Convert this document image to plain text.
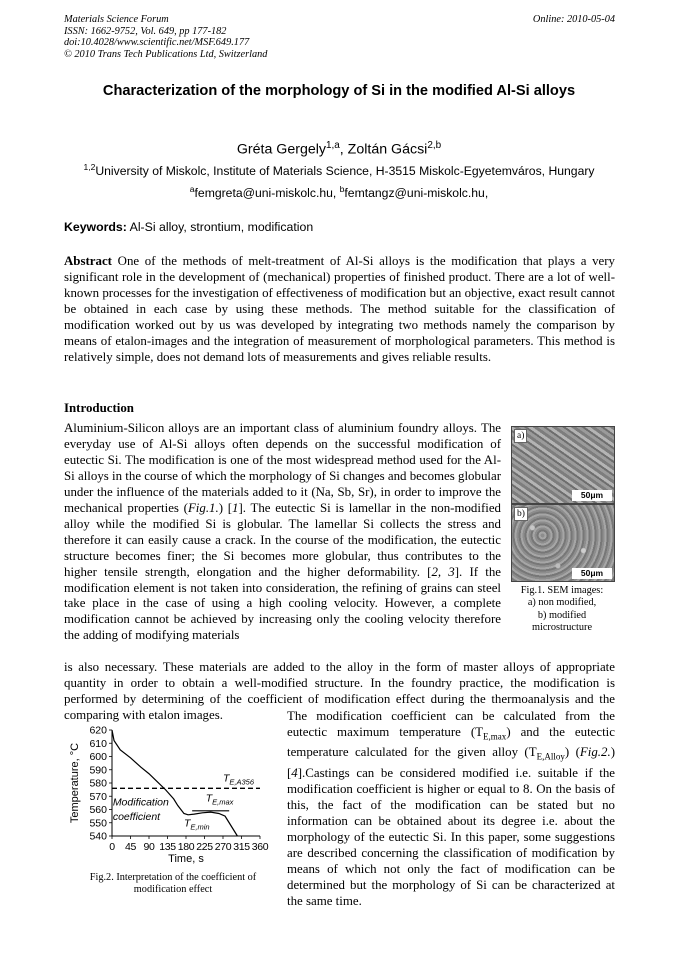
Materials Science Forum
ISSN: 1662-9752, Vol. 649, pp 177-182
doi:10.4028/www.scientific.net/MSF.649.177
© 2010 Trans Tech Publications Ltd, Switzerland
Online: 2010-05-04
Characterization of the morphology of Si in the modified Al-Si alloys
Gréta Gergely$^{1,a}$, Zoltán Gácsi$^{2,b}$
$^{1,2}$University of Miskolc, Institute of Materials Science, H-3515 Miskolc-Egyetemváros, Hungary
$^a$femgreta@uni-miskolc.hu, $^b$femtangz@uni-miskolc.hu,
Keywords: Al-Si alloy, strontium, modification
Abstract One of the methods of melt-treatment of Al-Si alloys is the modification that plays a very significant role in the development of (mechanical) properties of finished product. There are a lot of well-known processes for the investigation of effectiveness of modification but an objective, exact result cannot be obtained in each case by using these methods. The method suitable for the classification of modification worked out by us was developed by integrating two methods namely the comparison by means of etalon-images and the integration of measurement of morphological parameters. This method is relatively simple, does not demand lots of measurements and gives reliable results.
Introduction
Aluminium-Silicon alloys are an important class of aluminium foundry alloys. The everyday use of Al-Si alloys often depends on the successful modification of eutectic Si. The modification is one of the most widespread method used for the Al-Si alloys in the course of which the morphology of Si changes and becomes globular under the influence of the materials added to it (Na, Sb, Sr), in order to improve the mechanical properties (Fig.1.) [1]. The eutectic Si is lamellar in the non-modified alloy while the modified Si is globular. The lamellar Si collects the stress and therefore it can easily cause a crack. In the course of the modification, the eutectic structure becomes finer; the Si becomes more globular, thus contributes to the higher tensile strength, elongation and the higher deformability. [2, 3]. If the modification element is not taken into consideration, the refining of grains can steel take place in the case of using a high cooling velocity. However, a complete modification cannot be achieved by increasing only the cooling velocity therefore the adding of modifying materials
is also necessary. These materials are added to the alloy in the form of master alloys of appropriate quantity in order to obtain a well-modified structure. In the foundry practice, the modification is performed by determining of the coefficient of modification effect during the thermoanalysis and the comparing with etalon images.
a)
50μm
b)
50μm
Fig.1. SEM images:
a) non modified,
b) modified
microstructure
540
550
560
570
580
590
600
610
620
0 45 90 135 180 225 270 315 360
Time, s
Temperature, °C	$T_{E,A356}$
$T_{E,max}$
$T_{E,min}$
Modification
coefficient
Fig.2. Interpretation of the coefficient of
modification effect
The modification coefficient can be calculated from the eutectic maximum temperature $(T_{E,max})$ and the eutectic temperature calculated for the given alloy $(T_{E,Alloy})$ (Fig.2.) [4].Castings can be considered modified i.e. suitable if the modification coefficient is higher or equal to 8. On the basis of this, the fact of the modification can be stated but no information can be obtained about its degree i.e. about the morphology of the eutectic Si. In this paper, some suggestions are described concerning the classification of modification by means of which not only the fact of modification can be determined but the morphology of Si can be characterized at the same time.
